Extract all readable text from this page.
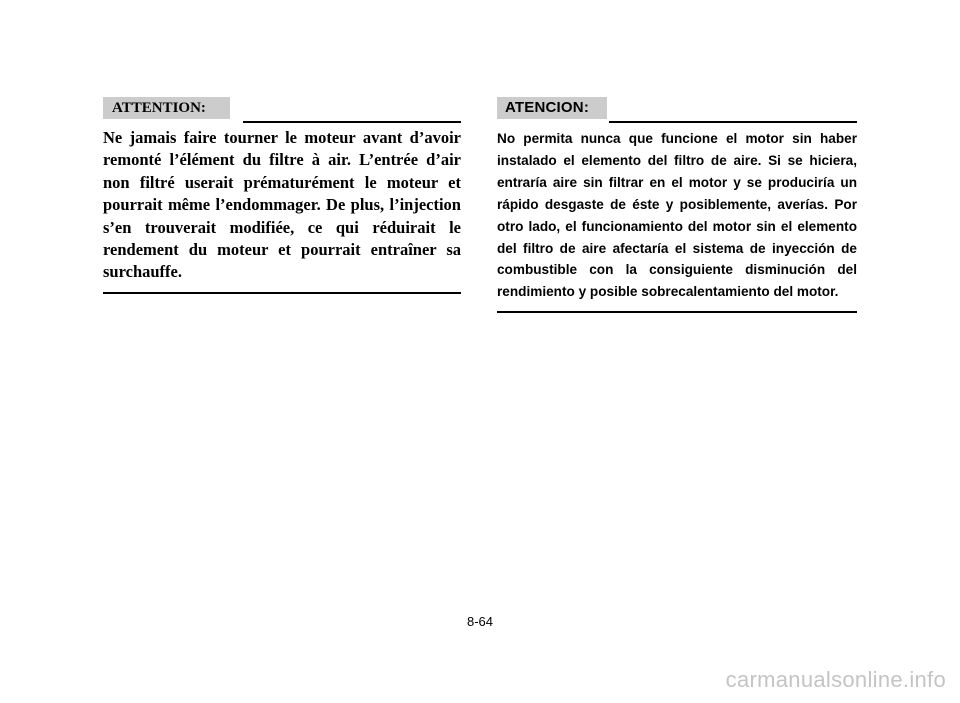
ATTENTION:

Ne jamais faire tourner le moteur avant d’avoir remonté l’élément du filtre à air. L’entrée d’air non filtré userait prématurément le moteur et pourrait même l’endommager. De plus, l’injection s’en trouverait modifiée, ce qui réduirait le rendement du moteur et pourrait entraîner sa surchauffe.

ATENCION:

No permita nunca que funcione el motor sin haber instalado el elemento del filtro de aire. Si se hiciera, entraría aire sin filtrar en el motor y se produciría un rápido desgaste de éste y posiblemente, averías. Por otro lado, el funcionamiento del motor sin el elemento del filtro de aire afectaría el sistema de inyección de combustible con la consiguiente disminución del rendimiento y posible sobrecalentamiento del motor.

8-64
carmanualsonline.info
